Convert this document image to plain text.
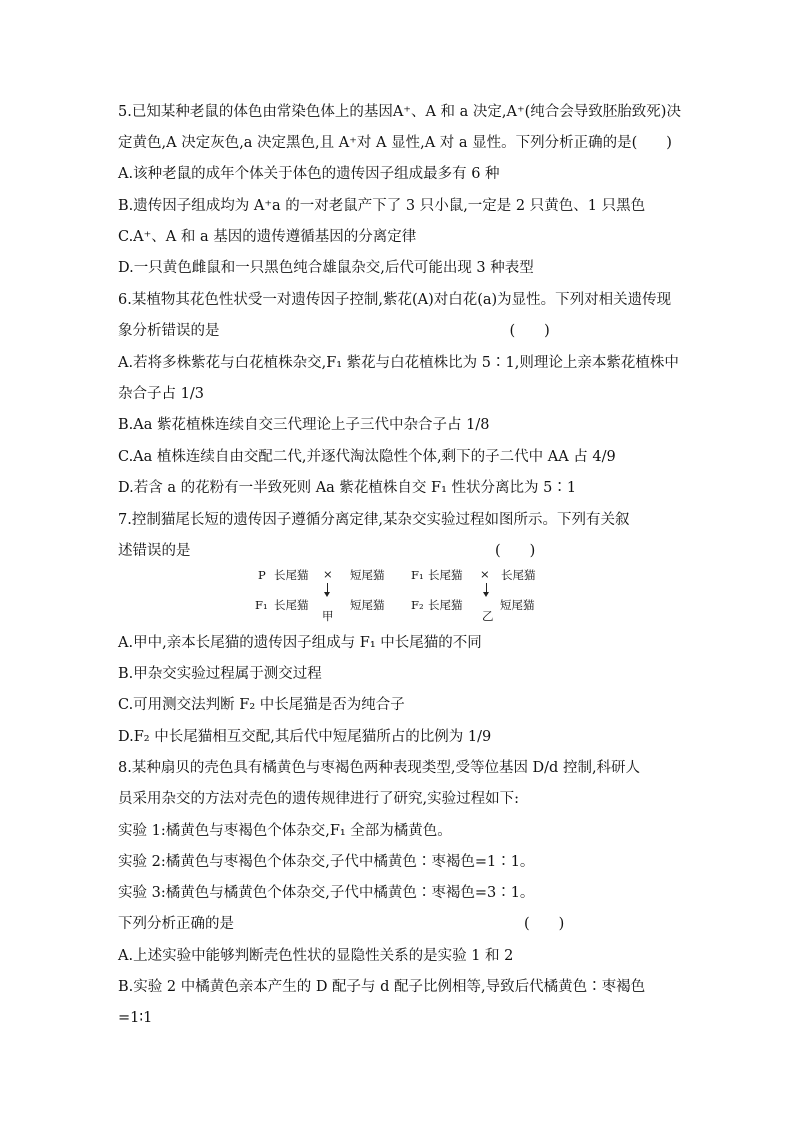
5.已知某种老鼠的体色由常染色体上的基因A⁺、A 和 a 决定,A⁺(纯合会导致胚胎致死)决
定黄色,A 决定灰色,a 决定黑色,且 A⁺对 A 显性,A 对 a 显性。下列分析正确的是(　　)
A.该种老鼠的成年个体关于体色的遗传因子组成最多有 6 种
B.遗传因子组成均为 A⁺a 的一对老鼠产下了 3 只小鼠,一定是 2 只黄色、1 只黑色
C.A⁺、A 和 a 基因的遗传遵循基因的分离定律
D.一只黄色雌鼠和一只黑色纯合雄鼠杂交,后代可能出现 3 种表型
6.某植物其花色性状受一对遗传因子控制,紫花(A)对白花(a)为显性。下列对相关遗传现
象分析错误的是　　　　　　　　　　　　　　　　　　　　(　　)
A.若将多株紫花与白花植株杂交,F₁ 紫花与白花植株比为 5∶1,则理论上亲本紫花植株中
杂合子占 1/3
B.Aa 紫花植株连续自交三代理论上子三代中杂合子占 1/8
C.Aa 植株连续自由交配二代,并逐代淘汰隐性个体,剩下的子二代中 AA 占 4/9
D.若含 a 的花粉有一半致死则 Aa 紫花植株自交 F₁ 性状分离比为 5∶1
7.控制猫尾长短的遗传因子遵循分离定律,某杂交实验过程如图所示。下列有关叙
述错误的是　　　　　　　　　　　　　　　　　　　　　(　　)
P 长尾猫 × 短尾猫
F₁ 长尾猫	短尾猫
甲
F₁ 长尾猫 × 长尾猫
F₂ 长尾猫	短尾猫
乙
A.甲中,亲本长尾猫的遗传因子组成与 F₁ 中长尾猫的不同
B.甲杂交实验过程属于测交过程
C.可用测交法判断 F₂ 中长尾猫是否为纯合子
D.F₂ 中长尾猫相互交配,其后代中短尾猫所占的比例为 1/9
8.某种扇贝的壳色具有橘黄色与枣褐色两种表现类型,受等位基因 D/d 控制,科研人
员采用杂交的方法对壳色的遗传规律进行了研究,实验过程如下:
实验 1:橘黄色与枣褐色个体杂交,F₁ 全部为橘黄色。
实验 2:橘黄色与枣褐色个体杂交,子代中橘黄色∶枣褐色=1∶1。
实验 3:橘黄色与橘黄色个体杂交,子代中橘黄色∶枣褐色=3∶1。
下列分析正确的是　　　　　　　　　　　　　　　　　　　　(　　)
A.上述实验中能够判断壳色性状的显隐性关系的是实验 1 和 2
B.实验 2 中橘黄色亲本产生的 D 配子与 d 配子比例相等,导致后代橘黄色∶枣褐色
=1∶1
